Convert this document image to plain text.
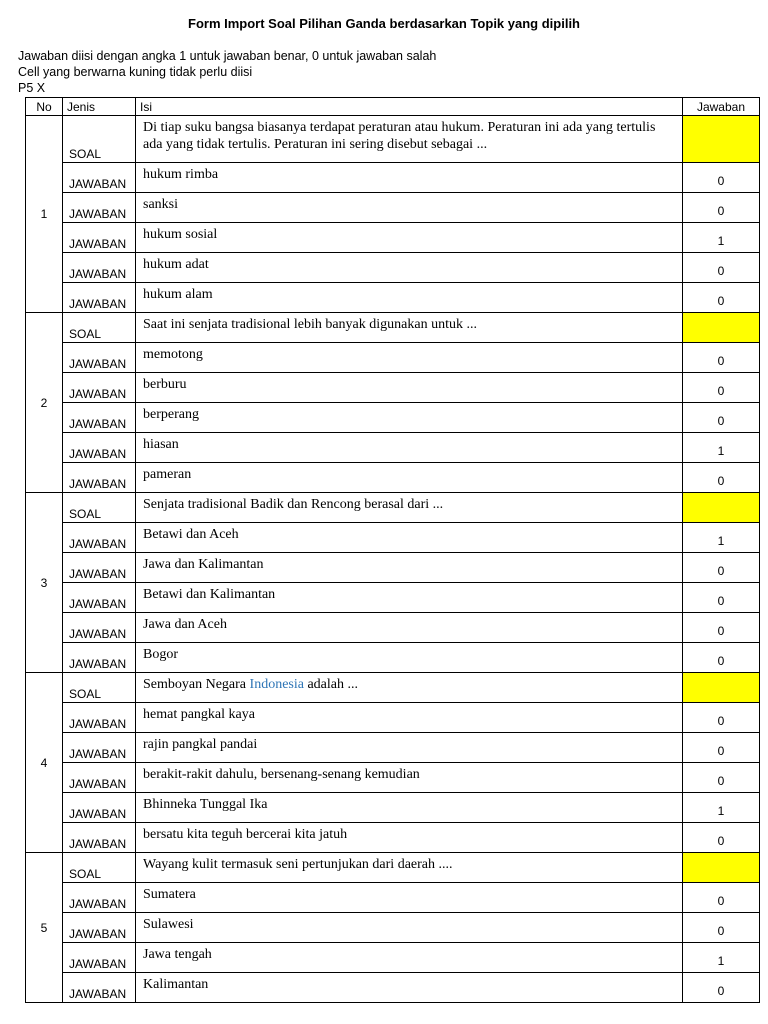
Form Import Soal Pilihan Ganda berdasarkan Topik yang dipilih
Jawaban diisi dengan angka 1 untuk jawaban benar, 0 untuk jawaban salah
Cell yang berwarna kuning tidak perlu diisi
P5 X
No	Jenis	Isi	Jawaban
1	SOAL	Di tiap suku bangsa biasanya terdapat peraturan atau hukum. Peraturan ini ada yang tertulis ada yang tidak tertulis. Peraturan ini sering disebut sebagai ...	
	JAWABAN	hukum rimba	0
	JAWABAN	sanksi	0
	JAWABAN	hukum sosial	1
	JAWABAN	hukum adat	0
	JAWABAN	hukum alam	0
2	SOAL	Saat ini senjata tradisional lebih banyak digunakan untuk ...	
	JAWABAN	memotong	0
	JAWABAN	berburu	0
	JAWABAN	berperang	0
	JAWABAN	hiasan	1
	JAWABAN	pameran	0
3	SOAL	Senjata tradisional Badik dan Rencong berasal dari ...	
	JAWABAN	Betawi dan Aceh	1
	JAWABAN	Jawa dan Kalimantan	0
	JAWABAN	Betawi dan Kalimantan	0
	JAWABAN	Jawa dan Aceh	0
	JAWABAN	Bogor	0
4	SOAL	Semboyan Negara Indonesia adalah ...	
	JAWABAN	hemat pangkal kaya	0
	JAWABAN	rajin pangkal pandai	0
	JAWABAN	berakit-rakit dahulu, bersenang-senang kemudian	0
	JAWABAN	Bhinneka Tunggal Ika	1
	JAWABAN	bersatu kita teguh bercerai kita jatuh	0
5	SOAL	Wayang kulit termasuk seni pertunjukan dari daerah ....	
	JAWABAN	Sumatera	0
	JAWABAN	Sulawesi	0
	JAWABAN	Jawa tengah	1
	JAWABAN	Kalimantan	0
